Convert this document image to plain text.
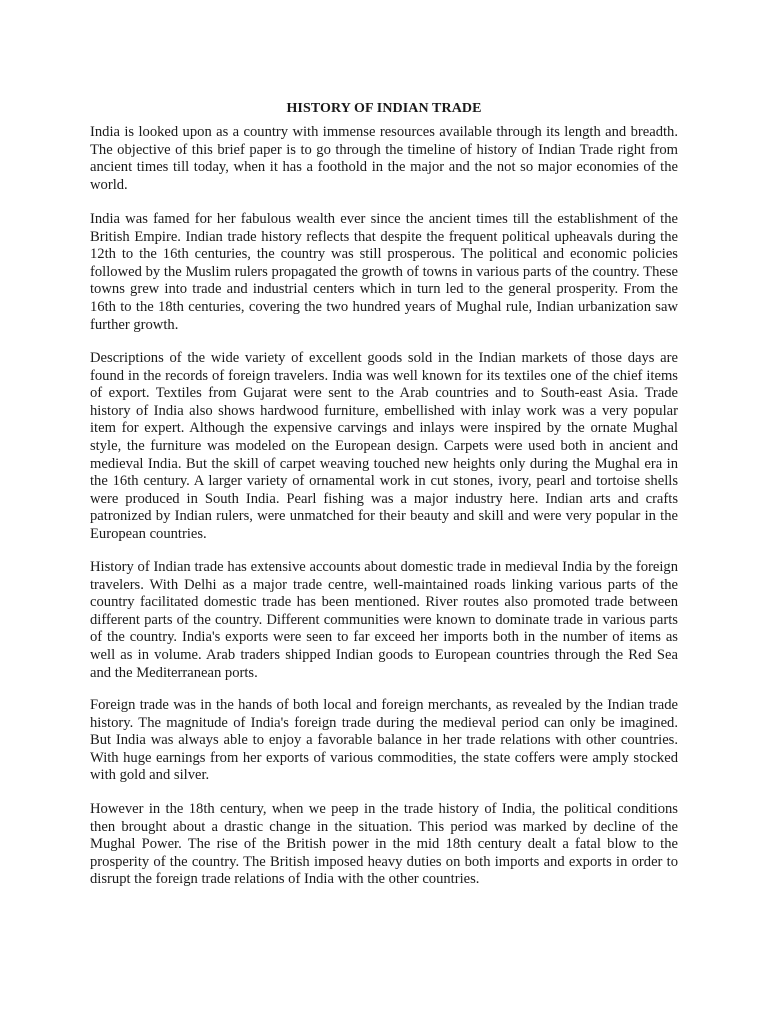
HISTORY OF INDIAN TRADE

India is looked upon as a country with immense resources available through its length and breadth. The objective of this brief paper is to go through the timeline of history of Indian Trade right from ancient times till today, when it has a foothold in the major and the not so major economies of the world.

India was famed for her fabulous wealth ever since the ancient times till the establishment of the British Empire. Indian trade history reflects that despite the frequent political upheavals during the 12th to the 16th centuries, the country was still prosperous. The political and economic policies followed by the Muslim rulers propagated the growth of towns in various parts of the country. These towns grew into trade and industrial centers which in turn led to the general prosperity. From the 16th to the 18th centuries, covering the two hundred years of Mughal rule, Indian urbanization saw further growth.

Descriptions of the wide variety of excellent goods sold in the Indian markets of those days are found in the records of foreign travelers. India was well known for its textiles one of the chief items of export. Textiles from Gujarat were sent to the Arab countries and to South-east Asia. Trade history of India also shows hardwood furniture, embellished with inlay work was a very popular item for expert. Although the expensive carvings and inlays were inspired by the ornate Mughal style, the furniture was modeled on the European design. Carpets were used both in ancient and medieval India. But the skill of carpet weaving touched new heights only during the Mughal era in the 16th century. A larger variety of ornamental work in cut stones, ivory, pearl and tortoise shells were produced in South India. Pearl fishing was a major industry here. Indian arts and crafts patronized by Indian rulers, were unmatched for their beauty and skill and were very popular in the European countries.

History of Indian trade has extensive accounts about domestic trade in medieval India by the foreign travelers. With Delhi as a major trade centre, well-maintained roads linking various parts of the country facilitated domestic trade has been mentioned. River routes also promoted trade between different parts of the country. Different communities were known to dominate trade in various parts of the country. India's exports were seen to far exceed her imports both in the number of items as well as in volume. Arab traders shipped Indian goods to European countries through the Red Sea and the Mediterranean ports.

Foreign trade was in the hands of both local and foreign merchants, as revealed by the Indian trade history. The magnitude of India's foreign trade during the medieval period can only be imagined. But India was always able to enjoy a favorable balance in her trade relations with other countries. With huge earnings from her exports of various commodities, the state coffers were amply stocked with gold and silver.

However in the 18th century, when we peep in the trade history of India, the political conditions then brought about a drastic change in the situation. This period was marked by decline of the Mughal Power. The rise of the British power in the mid 18th century dealt a fatal blow to the prosperity of the country. The British imposed heavy duties on both imports and exports in order to disrupt the foreign trade relations of India with the other countries.
